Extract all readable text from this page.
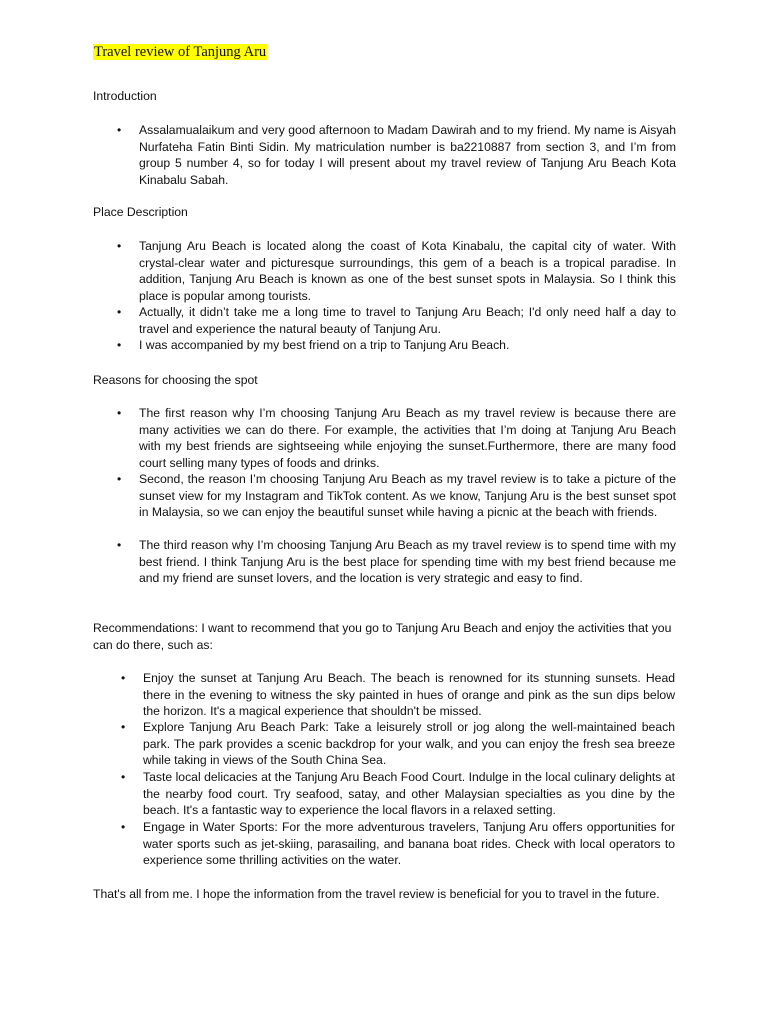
Travel review of Tanjung Aru
Introduction
• Assalamualaikum and very good afternoon to Madam Dawirah and to my friend. My name is Aisyah Nurfateha Fatin Binti Sidin. My matriculation number is ba2210887 from section 3, and I’m from group 5 number 4, so for today I will present about my travel review of Tanjung Aru Beach Kota Kinabalu Sabah.
Place Description
• Tanjung Aru Beach is located along the coast of Kota Kinabalu, the capital city of water. With crystal-clear water and picturesque surroundings, this gem of a beach is a tropical paradise. In addition, Tanjung Aru Beach is known as one of the best sunset spots in Malaysia. So I think this place is popular among tourists.
• Actually, it didn’t take me a long time to travel to Tanjung Aru Beach; I'd only need half a day to travel and experience the natural beauty of Tanjung Aru.
• I was accompanied by my best friend on a trip to Tanjung Aru Beach.
Reasons for choosing the spot
• The first reason why I’m choosing Tanjung Aru Beach as my travel review is because there are many activities we can do there. For example, the activities that I’m doing at Tanjung Aru Beach with my best friends are sightseeing while enjoying the sunset.Furthermore, there are many food court selling many types of foods and drinks.
• Second, the reason I’m choosing Tanjung Aru Beach as my travel review is to take a picture of the sunset view for my Instagram and TikTok content. As we know, Tanjung Aru is the best sunset spot in Malaysia, so we can enjoy the beautiful sunset while having a picnic at the beach with friends.
• The third reason why I’m choosing Tanjung Aru Beach as my travel review is to spend time with my best friend. I think Tanjung Aru is the best place for spending time with my best friend because me and my friend are sunset lovers, and the location is very strategic and easy to find.
Recommendations: I want to recommend that you go to Tanjung Aru Beach and enjoy the activities that you can do there, such as:
• Enjoy the sunset at Tanjung Aru Beach. The beach is renowned for its stunning sunsets. Head there in the evening to witness the sky painted in hues of orange and pink as the sun dips below the horizon. It's a magical experience that shouldn't be missed.
• Explore Tanjung Aru Beach Park: Take a leisurely stroll or jog along the well-maintained beach park. The park provides a scenic backdrop for your walk, and you can enjoy the fresh sea breeze while taking in views of the South China Sea.
• Taste local delicacies at the Tanjung Aru Beach Food Court. Indulge in the local culinary delights at the nearby food court. Try seafood, satay, and other Malaysian specialties as you dine by the beach. It's a fantastic way to experience the local flavors in a relaxed setting.
• Engage in Water Sports: For the more adventurous travelers, Tanjung Aru offers opportunities for water sports such as jet-skiing, parasailing, and banana boat rides. Check with local operators to experience some thrilling activities on the water.
That's all from me. I hope the information from the travel review is beneficial for you to travel in the future.
